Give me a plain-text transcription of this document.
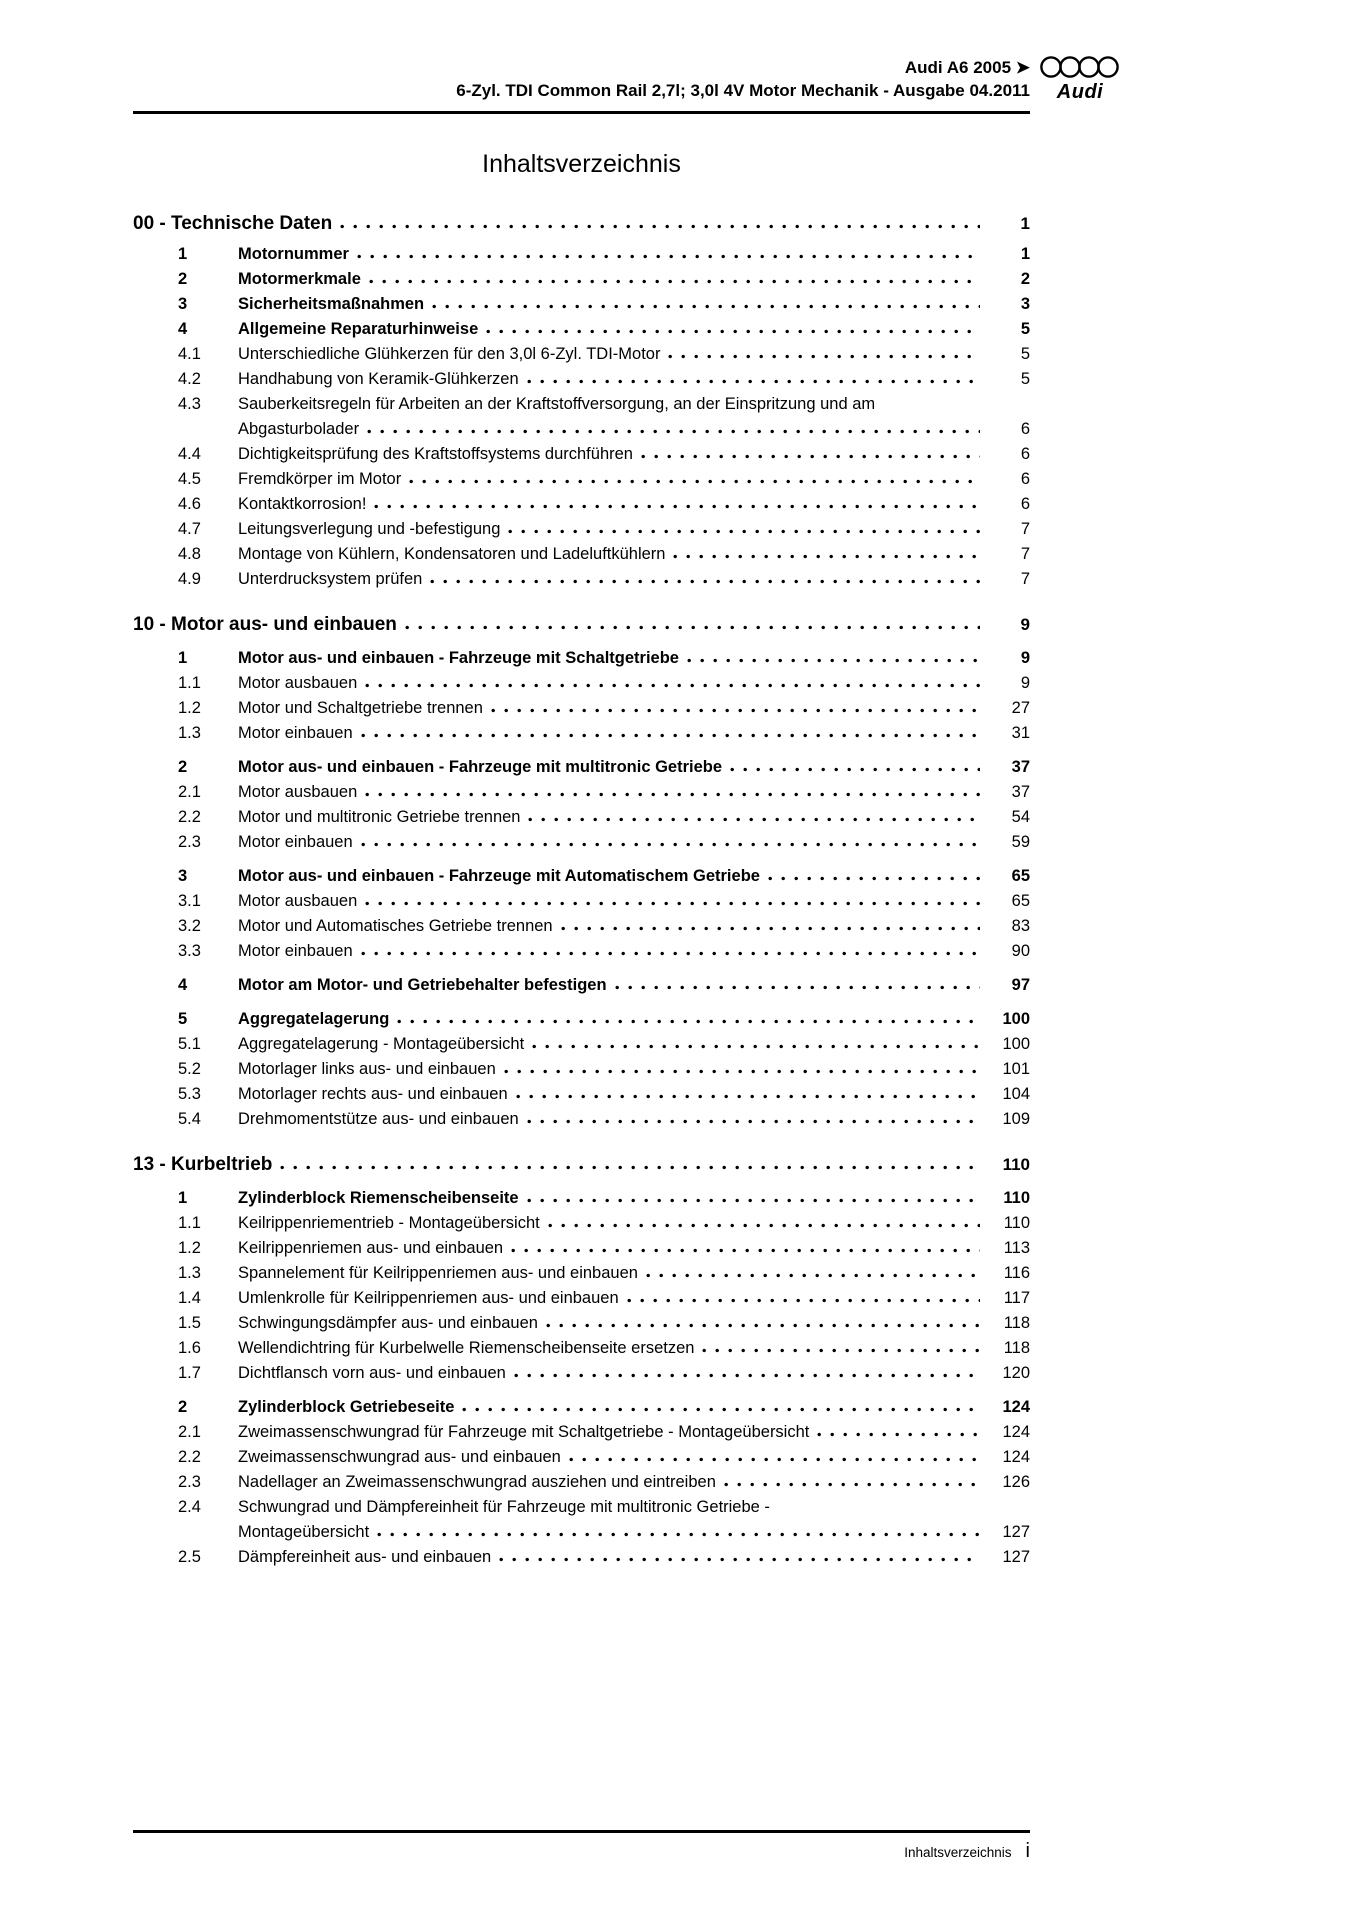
Audi A6 2005 ➤
6-Zyl. TDI Common Rail 2,7l; 3,0l 4V Motor Mechanik - Ausgabe 04.2011	Audi
Inhaltsverzeichnis
00 - Technische Daten	1
1	Motornummer	1
2	Motormerkmale	2
3	Sicherheitsmaßnahmen	3
4	Allgemeine Reparaturhinweise	5
4.1	Unterschiedliche Glühkerzen für den 3,0l 6-Zyl. TDI-Motor	5
4.2	Handhabung von Keramik-Glühkerzen	5
4.3	Sauberkeitsregeln für Arbeiten an der Kraftstoffversorgung, an der Einspritzung und am
Abgasturbolader	6
4.4	Dichtigkeitsprüfung des Kraftstoffsystems durchführen	6
4.5	Fremdkörper im Motor	6
4.6	Kontaktkorrosion!	6
4.7	Leitungsverlegung und -befestigung	7
4.8	Montage von Kühlern, Kondensatoren und Ladeluftkühlern	7
4.9	Unterdrucksystem prüfen	7
10 - Motor aus- und einbauen	9
1	Motor aus- und einbauen - Fahrzeuge mit Schaltgetriebe	9
1.1	Motor ausbauen	9
1.2	Motor und Schaltgetriebe trennen	27
1.3	Motor einbauen	31
2	Motor aus- und einbauen - Fahrzeuge mit multitronic Getriebe	37
2.1	Motor ausbauen	37
2.2	Motor und multitronic Getriebe trennen	54
2.3	Motor einbauen	59
3	Motor aus- und einbauen - Fahrzeuge mit Automatischem Getriebe	65
3.1	Motor ausbauen	65
3.2	Motor und Automatisches Getriebe trennen	83
3.3	Motor einbauen	90
4	Motor am Motor- und Getriebehalter befestigen	97
5	Aggregatelagerung	100
5.1	Aggregatelagerung - Montageübersicht	100
5.2	Motorlager links aus- und einbauen	101
5.3	Motorlager rechts aus- und einbauen	104
5.4	Drehmomentstütze aus- und einbauen	109
13 - Kurbeltrieb	110
1	Zylinderblock Riemenscheibenseite	110
1.1	Keilrippenriementrieb - Montageübersicht	110
1.2	Keilrippenriemen aus- und einbauen	113
1.3	Spannelement für Keilrippenriemen aus- und einbauen	116
1.4	Umlenkrolle für Keilrippenriemen aus- und einbauen	117
1.5	Schwingungsdämpfer aus- und einbauen	118
1.6	Wellendichtring für Kurbelwelle Riemenscheibenseite ersetzen	118
1.7	Dichtflansch vorn aus- und einbauen	120
2	Zylinderblock Getriebeseite	124
2.1	Zweimassenschwungrad für Fahrzeuge mit Schaltgetriebe - Montageübersicht	124
2.2	Zweimassenschwungrad aus- und einbauen	124
2.3	Nadellager an Zweimassenschwungrad ausziehen und eintreiben	126
2.4	Schwungrad und Dämpfereinheit für Fahrzeuge mit multitronic Getriebe -
Montageübersicht	127
2.5	Dämpfereinheit aus- und einbauen	127
Inhaltsverzeichnis i
